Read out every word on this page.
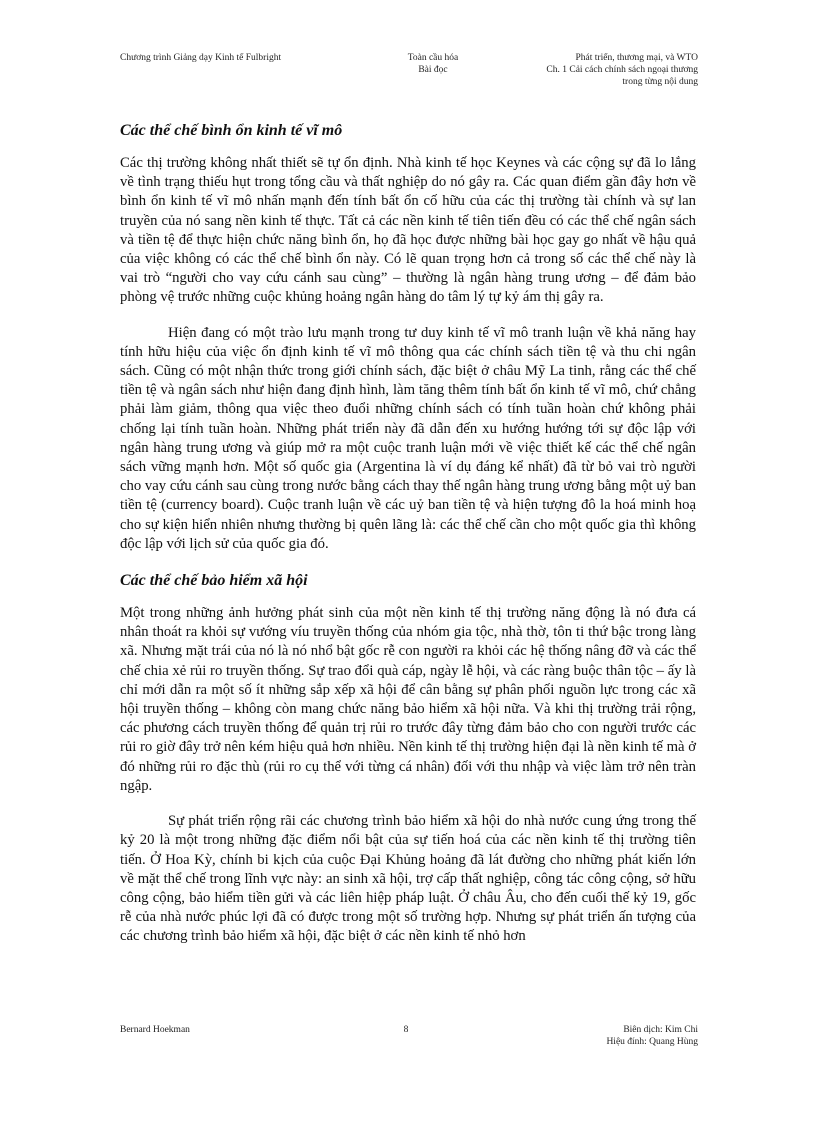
Chương trình Giảng dạy Kinh tế Fulbright	Toàn cầu hóa
Bài đọc
Phát triển, thương mại, và WTO
Ch. 1 Cải cách chính sách ngoại thương
trong từng nội dung
Các thể chế bình ổn kinh tế vĩ mô

Các thị trường không nhất thiết sẽ tự ổn định. Nhà kinh tế học Keynes và các cộng sự đã lo lắng về tình trạng thiếu hụt trong tổng cầu và thất nghiệp do nó gây ra. Các quan điểm gần đây hơn về bình ổn kinh tế vĩ mô nhấn mạnh đến tính bất ổn cố hữu của các thị trường tài chính và sự lan truyền của nó sang nền kinh tế thực. Tất cả các nền kinh tế tiên tiến đều có các thể chế ngân sách và tiền tệ để thực hiện chức năng bình ổn, họ đã học được những bài học gay go nhất về hậu quả của việc không có các thể chế bình ổn này. Có lẽ quan trọng hơn cả trong số các thể chế này là vai trò “người cho vay cứu cánh sau cùng” – thường là ngân hàng trung ương – để đảm bảo phòng vệ trước những cuộc khủng hoảng ngân hàng do tâm lý tự kỷ ám thị gây ra.

Hiện đang có một trào lưu mạnh trong tư duy kinh tế vĩ mô tranh luận về khả năng hay tính hữu hiệu của việc ổn định kinh tế vĩ mô thông qua các chính sách tiền tệ và thu chi ngân sách. Cũng có một nhận thức trong giới chính sách, đặc biệt ở châu Mỹ La tinh, rằng các thể chế tiền tệ và ngân sách như hiện đang định hình, làm tăng thêm tính bất ổn kinh tế vĩ mô, chứ chẳng phải làm giảm, thông qua việc theo đuổi những chính sách có tính tuần hoàn chứ không phải chống lại tính tuần hoàn. Những phát triển này đã dẫn đến xu hướng hướng tới sự độc lập với ngân hàng trung ương và giúp mở ra một cuộc tranh luận mới về việc thiết kế các thể chế ngân sách vững mạnh hơn. Một số quốc gia (Argentina là ví dụ đáng kể nhất) đã từ bỏ vai trò người cho vay cứu cánh sau cùng trong nước bằng cách thay thế ngân hàng trung ương bằng một uỷ ban tiền tệ (currency board). Cuộc tranh luận về các uỷ ban tiền tệ và hiện tượng đô la hoá minh hoạ cho sự kiện hiển nhiên nhưng thường bị quên lãng là: các thể chế cần cho một quốc gia thì không độc lập với lịch sử của quốc gia đó.

Các thể chế bảo hiểm xã hội

Một trong những ảnh hưởng phát sinh của một nền kinh tế thị trường năng động là nó đưa cá nhân thoát ra khỏi sự vướng víu truyền thống của nhóm gia tộc, nhà thờ, tôn ti thứ bậc trong làng xã. Nhưng mặt trái của nó là nó nhổ bật gốc rễ con người ra khỏi các hệ thống nâng đỡ và các thể chế chia xẻ rủi ro truyền thống. Sự trao đổi quà cáp, ngày lễ hội, và các ràng buộc thân tộc – ấy là chỉ mới dẫn ra một số ít những sắp xếp xã hội để cân bằng sự phân phối nguồn lực trong các xã hội truyền thống – không còn mang chức năng bảo hiểm xã hội nữa. Và khi thị trường trải rộng, các phương cách truyền thống để quản trị rủi ro trước đây từng đảm bảo cho con người trước các rủi ro giờ đây trở nên kém hiệu quả hơn nhiều. Nền kinh tế thị trường hiện đại là nền kinh tế mà ở đó những rủi ro đặc thù (rủi ro cụ thể với từng cá nhân) đối với thu nhập và việc làm trở nên tràn ngập.

Sự phát triển rộng rãi các chương trình bảo hiểm xã hội do nhà nước cung ứng trong thế kỷ 20 là một trong những đặc điểm nổi bật của sự tiến hoá của các nền kinh tế thị trường tiên tiến. Ở Hoa Kỳ, chính bi kịch của cuộc Đại Khủng hoảng đã lát đường cho những phát kiến lớn về mặt thể chế trong lĩnh vực này: an sinh xã hội, trợ cấp thất nghiệp, công tác công cộng, sở hữu công cộng, bảo hiểm tiền gửi và các liên hiệp pháp luật. Ở châu Âu, cho đến cuối thế kỷ 19, gốc rễ của nhà nước phúc lợi đã có được trong một số trường hợp. Nhưng sự phát triển ấn tượng của các chương trình bảo hiểm xã hội, đặc biệt ở các nền kinh tế nhỏ hơn

Bernard Hoekman	8	Biên dịch: Kim Chi
Hiệu đính: Quang Hùng
